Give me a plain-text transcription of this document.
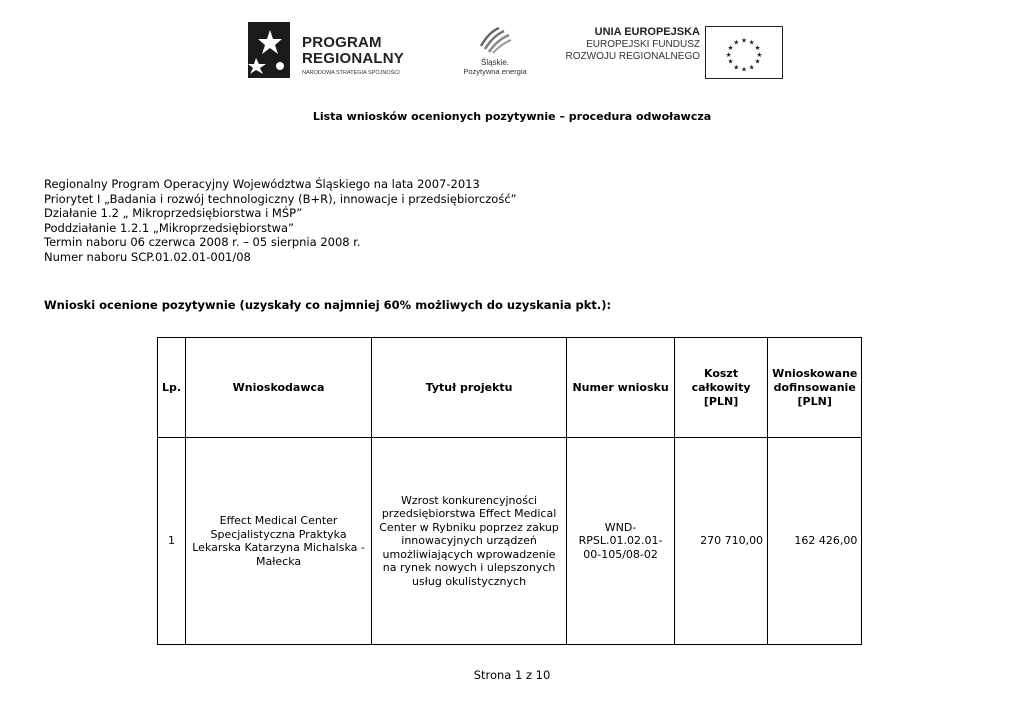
PROGRAM
REGIONALNY
NARODOWA STRATEGIA SPÓJNOŚCI
Śląskie.
Pozytywna energia
UNIA EUROPEJSKA
EUROPEJSKI FUNDUSZ
ROZWOJU REGIONALNEGO
★ ★
★
★
★
★
★
★
★
★
★
★
Lista wniosków ocenionych pozytywnie – procedura odwoławcza
Regionalny Program Operacyjny Województwa Śląskiego na lata 2007-2013
Priorytet I „Badania i rozwój technologiczny (B+R), innowacje i przedsiębiorczość”
Działanie 1.2 „ Mikroprzedsiębiorstwa i MŚP”
Poddziałanie 1.2.1 „Mikroprzedsiębiorstwa”
Termin naboru 06 czerwca 2008 r. – 05 sierpnia 2008 r.
Numer naboru SCP.01.02.01-001/08
Wnioski ocenione pozytywnie (uzyskały co najmniej 60% możliwych do uzyskania pkt.):
Lp.	Wnioskodawca	Tytuł projektu	Numer wniosku	Koszt całkowity [PLN]	Wnioskowane dofinsowanie [PLN]
1	Effect Medical Center Specjalistyczna Praktyka Lekarska Katarzyna Michalska - Małecka	Wzrost konkurencyjności przedsiębiorstwa Effect Medical Center w Rybniku poprzez zakup innowacyjnych urządzeń umożliwiających wprowadzenie na rynek nowych i ulepszonych usług okulistycznych	WND-RPSL.01.02.01-00-105/08-02	270 710,00	162 426,00
Strona 1 z 10
